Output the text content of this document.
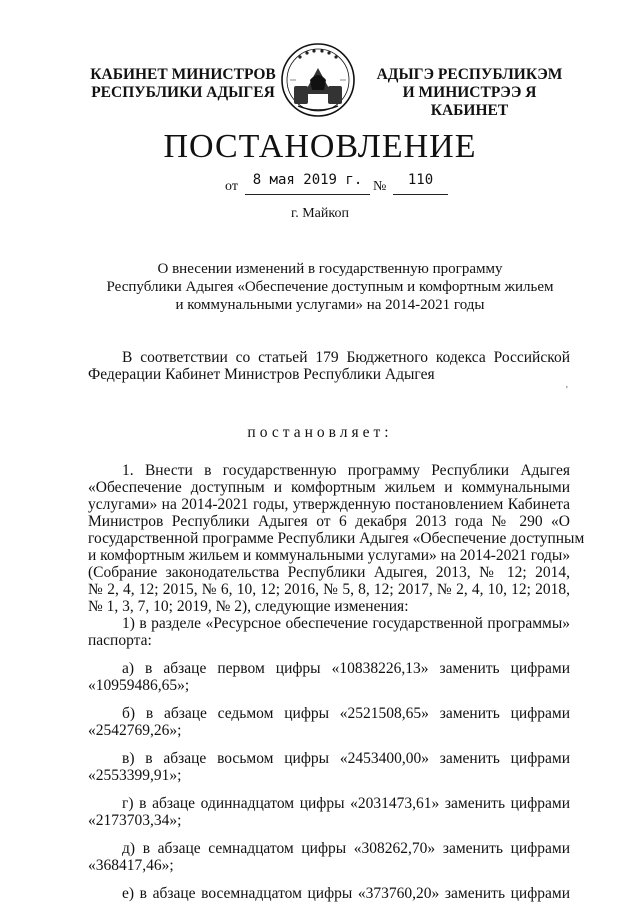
КАБИНЕТ МИНИСТРОВ
РЕСПУБЛИКИ АДЫГЕЯ
АДЫГЭ РЕСПУБЛИКЭМ
И МИНИСТРЭЭ Я КАБИНЕТ
ПОСТАНОВЛЕНИЕ
от	8 мая 2019 г. №	110
г. Майкоп
О внесении изменений в государственную программу
Республики Адыгея «Обеспечение доступным и комфортным жильем
и коммунальными услугами» на 2014-2021 годы
В соответствии со статьей 179 Бюджетного кодекса Российской
Федерации Кабинет Министров Республики Адыгея
'
постановляет:
1. Внести в государственную программу Республики Адыгея
«Обеспечение доступным и комфортным жильем и коммунальными
услугами» на 2014-2021 годы, утвержденную постановлением Кабинета
Министров Республики Адыгея от 6 декабря 2013 года № 290 «О
государственной программе Республики Адыгея «Обеспечение доступным
и комфортным жильем и коммунальными услугами» на 2014-2021 годы»
(Собрание законодательства Республики Адыгея, 2013, № 12; 2014,
№ 2, 4, 12; 2015, № 6, 10, 12; 2016, № 5, 8, 12; 2017, № 2, 4, 10, 12; 2018,
№ 1, 3, 7, 10; 2019, № 2), следующие изменения:
1) в разделе «Ресурсное обеспечение государственной программы»
паспорта:
а) в абзаце первом цифры «10838226,13» заменить цифрами
«10959486,65»;
б) в абзаце седьмом цифры «2521508,65» заменить цифрами
«2542769,26»;
в) в абзаце восьмом цифры «2453400,00» заменить цифрами
«2553399,91»;
г) в абзаце одиннадцатом цифры «2031473,61» заменить цифрами
«2173703,34»;
д) в абзаце семнадцатом цифры «308262,70» заменить цифрами
«368417,46»;
е) в абзаце восемнадцатом цифры «373760,20» заменить цифрами
